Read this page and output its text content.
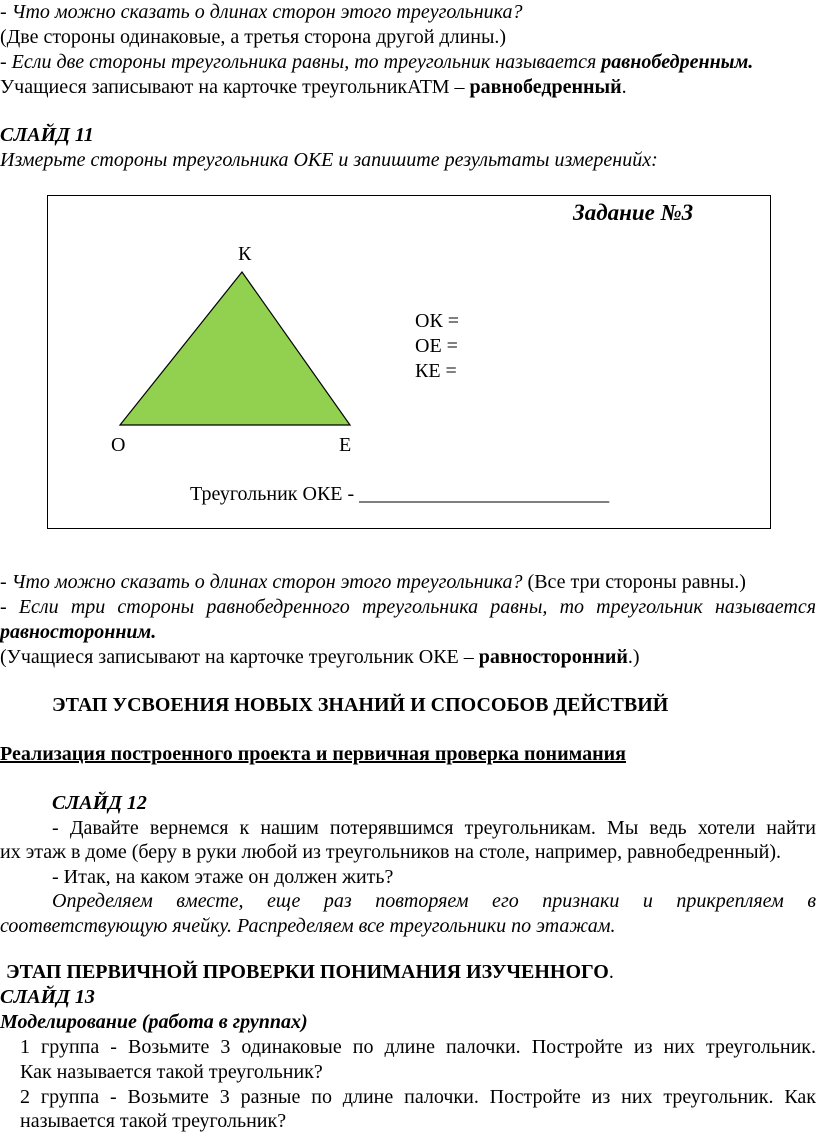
- Что можно сказать о длинах сторон этого треугольника?
(Две стороны одинаковые, а третья сторона другой длины.)
- Если две стороны треугольника равны, то треугольник называется равнобедренным.
Учащиеся записывают на карточке треугольникАТМ – равнобедренный.
СЛАЙД 11
Измерьте стороны треугольника ОКЕ и запишите результаты измеренийх:
Задание №3
К
О	Е
ОК =
ОЕ =
КЕ =
Треугольник ОКЕ - _________________________
- Что можно сказать о длинах сторон этого треугольника? (Все три стороны равны.)
- Если три стороны равнобедренного треугольника равны, то треугольник называется
равносторонним.
(Учащиеся записывают на карточке треугольник ОКЕ – равносторонний.)
ЭТАП УСВОЕНИЯ НОВЫХ ЗНАНИЙ И СПОСОБОВ ДЕЙСТВИЙ
Реализация построенного проекта и первичная проверка понимания
СЛАЙД 12
- Давайте вернемся к нашим потерявшимся треугольникам. Мы ведь хотели найти
их этаж в доме (беру в руки любой из треугольников на столе, например, равнобедренный).
- Итак, на каком этаже он должен жить?
Определяем вместе, еще раз повторяем его признаки и прикрепляем в
соответствующую ячейку. Распределяем все треугольники по этажам.
ЭТАП ПЕРВИЧНОЙ ПРОВЕРКИ ПОНИМАНИЯ ИЗУЧЕННОГО.
СЛАЙД 13
Моделирование (работа в группах)
1 группа - Возьмите 3 одинаковые по длине палочки. Постройте из них треугольник.
Как называется такой треугольник?
2 группа - Возьмите 3 разные по длине палочки. Постройте из них треугольник. Как
называется такой треугольник?
